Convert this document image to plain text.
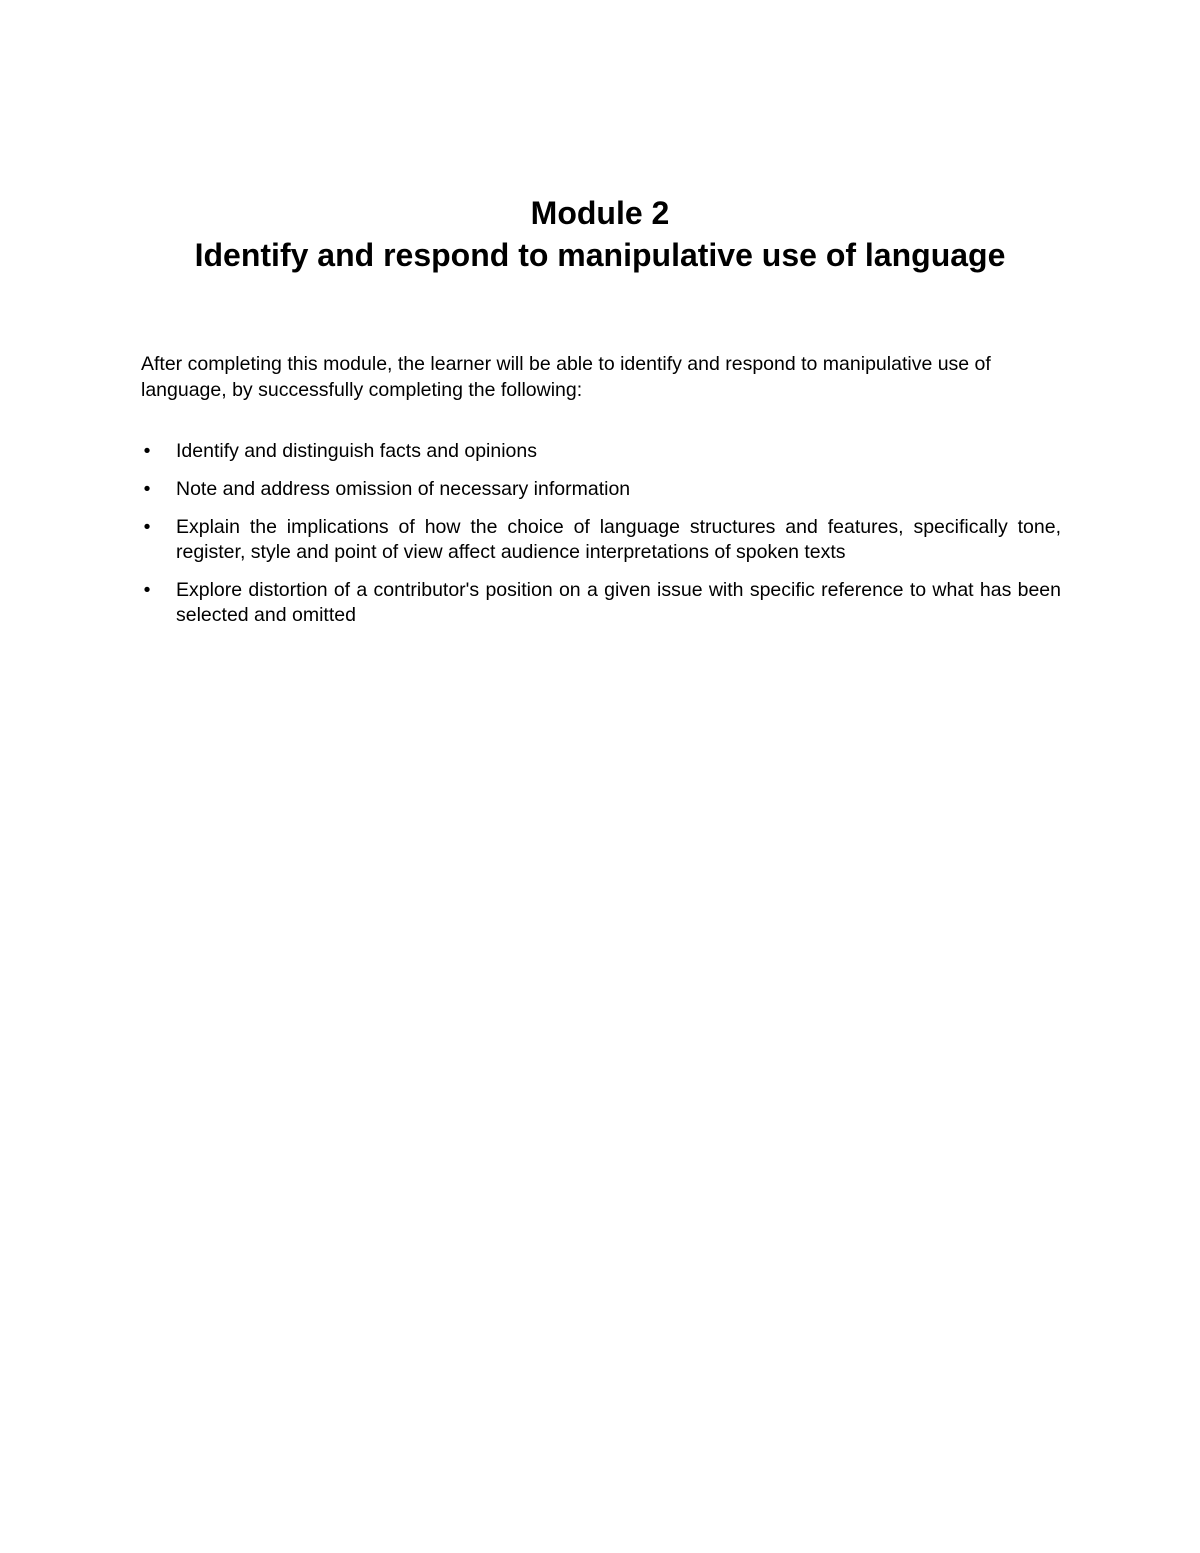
Module 2
Identify and respond to manipulative use of language

After completing this module, the learner will be able to identify and respond to manipulative use of language, by successfully completing the following:

•
Identify and distinguish facts and opinions
•
Note and address omission of necessary information
•
Explain the implications of how the choice of language structures and features, specifically tone, register, style and point of view affect audience interpretations of spoken texts
•
Explore distortion of a contributor's position on a given issue with specific reference to what has been selected and omitted
